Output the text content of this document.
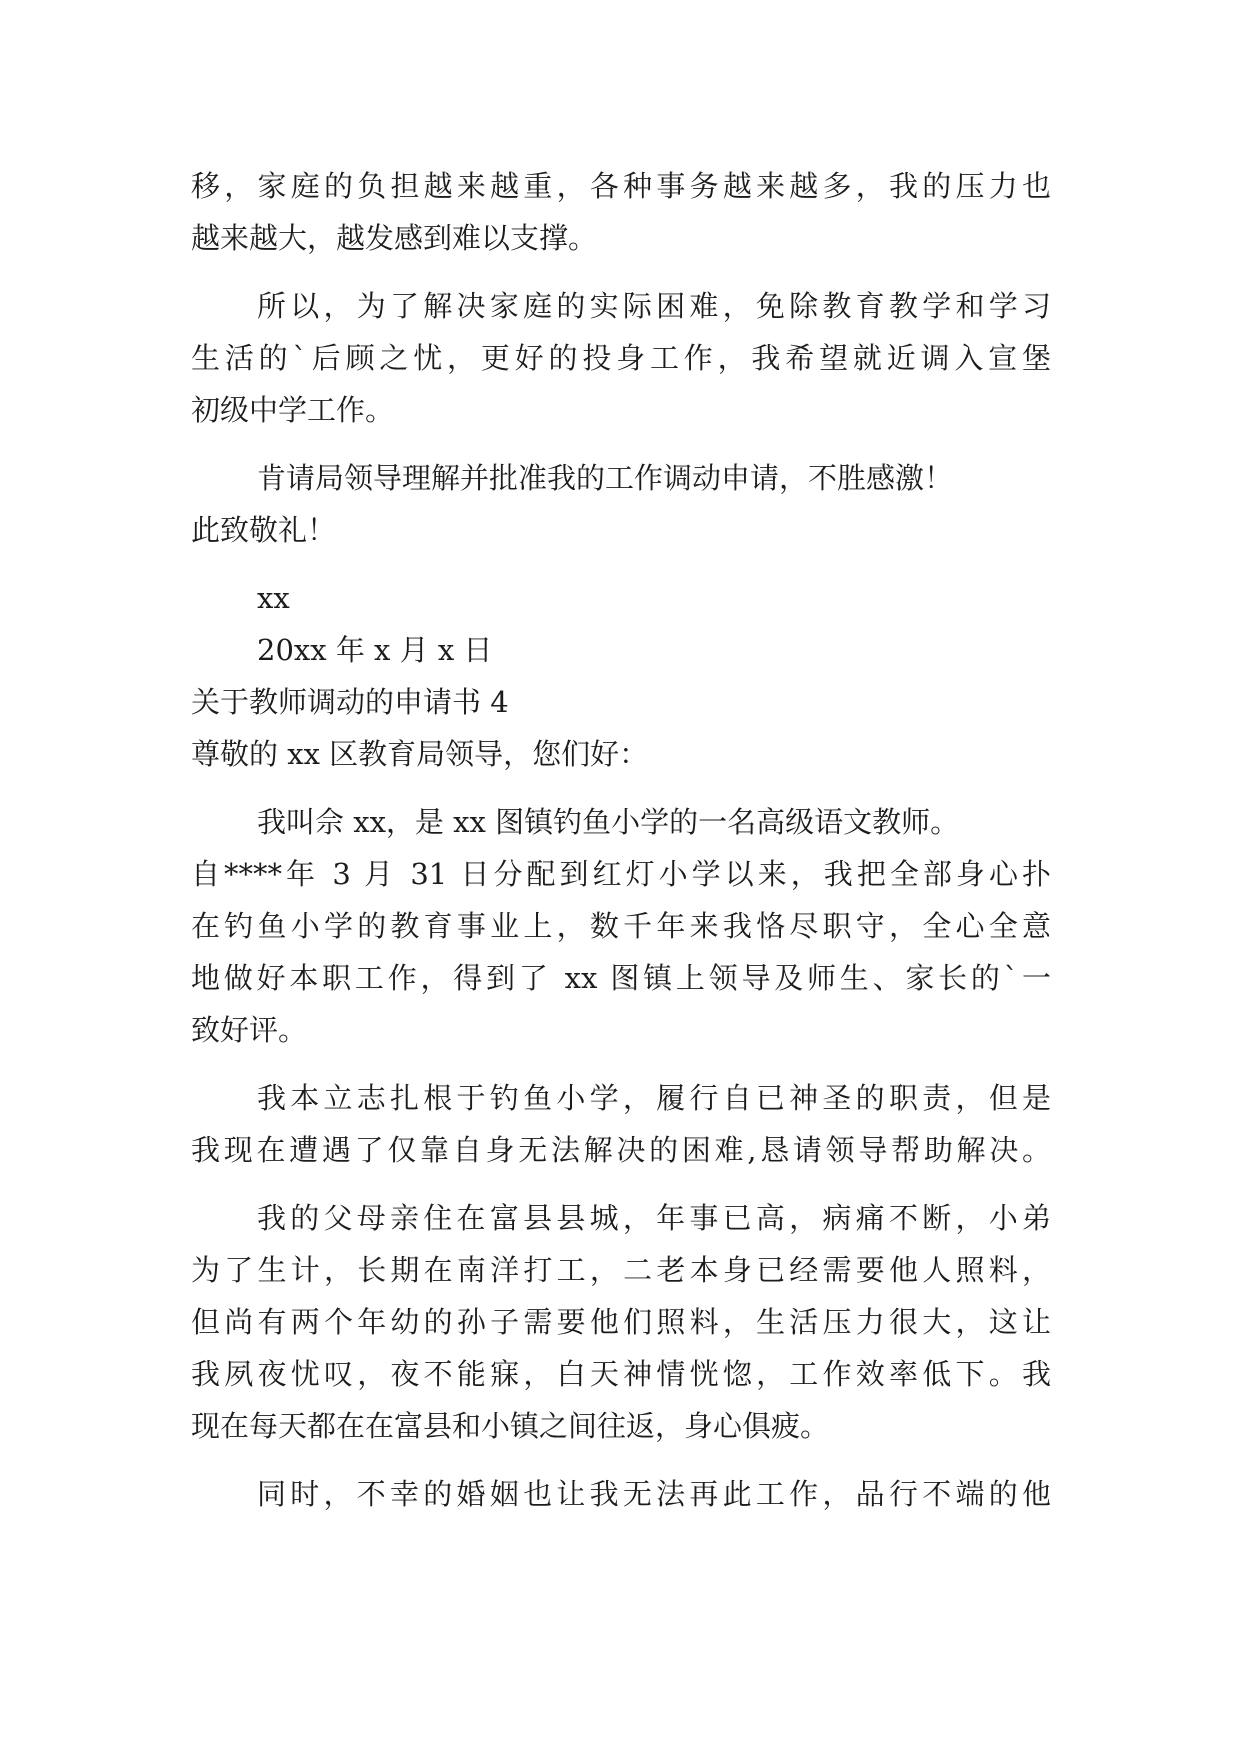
移，家庭的负担越来越重，各种事务越来越多，我的压力也
越来越大，越发感到难以支撑。
所以，为了解决家庭的实际困难，免除教育教学和学习
生活的`后顾之忧，更好的投身工作，我希望就近调入宣堡
初级中学工作。
肯请局领导理解并批准我的工作调动申请，不胜感激！
此致敬礼！
xx
20xx 年 x 月 x 日
关于教师调动的申请书 4
尊敬的 xx 区教育局领导，您们好：
我叫佘 xx，是 xx 图镇钓鱼小学的一名高级语文教师。
自****年 3 月 31 日分配到红灯小学以来，我把全部身心扑
在钓鱼小学的教育事业上，数千年来我恪尽职守，全心全意
地做好本职工作，得到了 xx 图镇上领导及师生、家长的`一
致好评。
我本立志扎根于钓鱼小学，履行自已神圣的职责，但是
我现在遭遇了仅靠自身无法解决的困难,恳请领导帮助解决。
我的父母亲住在富县县城，年事已高，病痛不断，小弟
为了生计，长期在南洋打工，二老本身已经需要他人照料，
但尚有两个年幼的孙子需要他们照料，生活压力很大，这让
我夙夜忧叹，夜不能寐，白天神情恍惚，工作效率低下。我
现在每天都在在富县和小镇之间往返，身心俱疲。
同时，不幸的婚姻也让我无法再此工作，品行不端的他
